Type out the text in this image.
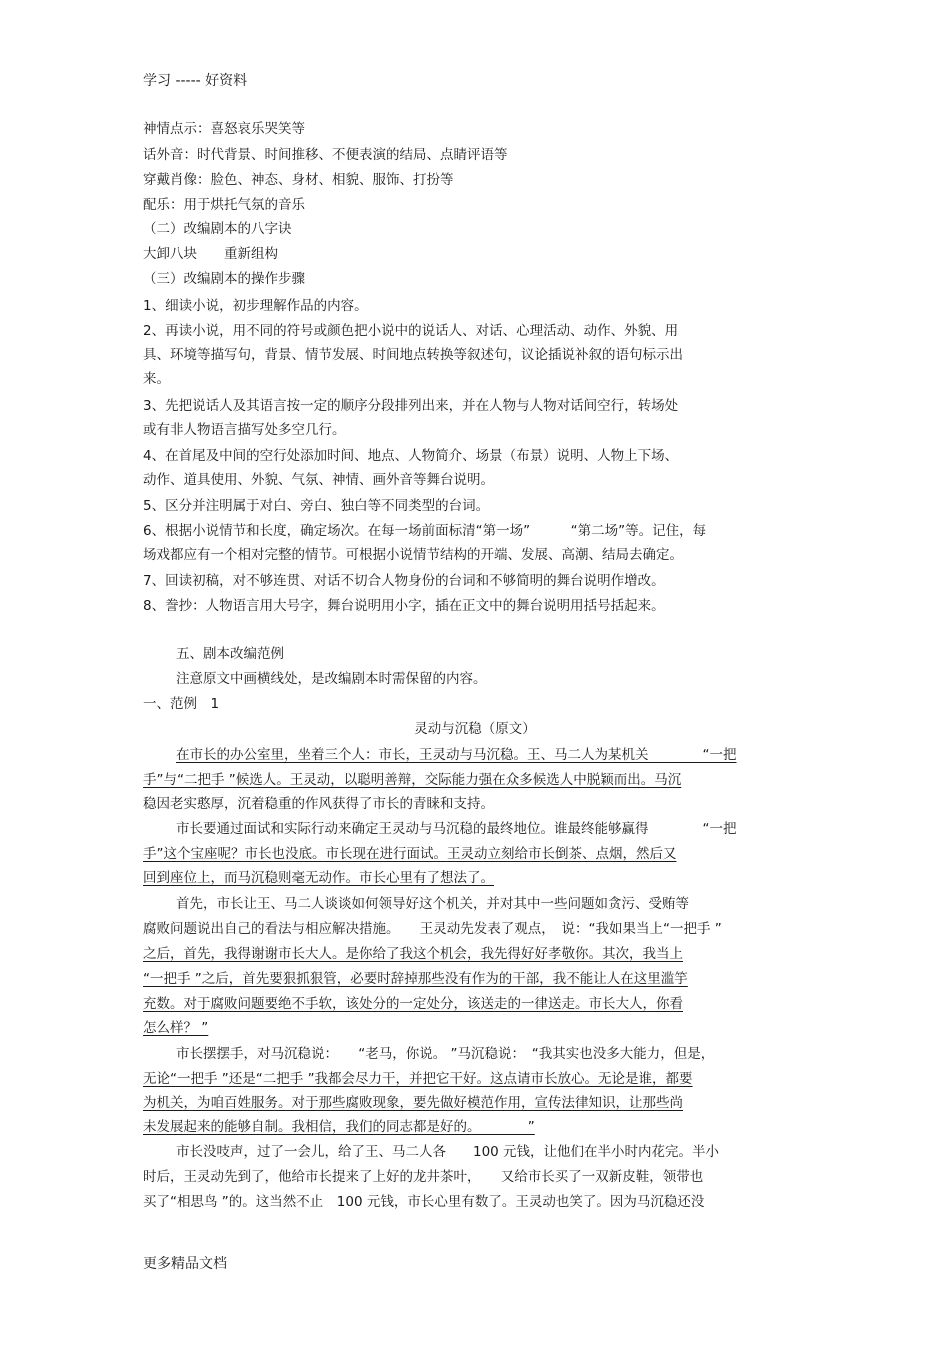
学习 ----- 好资料
神情点示：喜怒哀乐哭笑等
话外音：时代背景、时间推移、不便表演的结局、点睛评语等
穿戴肖像：脸色、神态、身材、相貌、服饰、打扮等
配乐：用于烘托气氛的音乐
（二）改编剧本的八字诀
大卸八块　　重新组构
（三）改编剧本的操作步骤
1、细读小说，初步理解作品的内容。
2、再读小说，用不同的符号或颜色把小说中的说话人、对话、心理活动、动作、外貌、用
具、环境等描写句，背景、情节发展、时间地点转换等叙述句，议论插说补叙的语句标示出
来。
3、先把说话人及其语言按一定的顺序分段排列出来，并在人物与人物对话间空行，转场处
或有非人物语言描写处多空几行。
4、在首尾及中间的空行处添加时间、地点、人物简介、场景（布景）说明、人物上下场、
动作、道具使用、外貌、气氛、神情、画外音等舞台说明。
5、区分并注明属于对白、旁白、独白等不同类型的台词。
6、根据小说情节和长度，确定场次。在每一场前面标清“第一场”　　　“第二场”等。记住，每
场戏都应有一个相对完整的情节。可根据小说情节结构的开端、发展、高潮、结局去确定。
7、回读初稿，对不够连贯、对话不切合人物身份的台词和不够简明的舞台说明作增改。
8、誊抄：人物语言用大号字，舞台说明用小字，插在正文中的舞台说明用括号括起来。
五、剧本改编范例
注意原文中画横线处，是改编剧本时需保留的内容。
一、范例　1
灵动与沉稳（原文）
在市长的办公室里，坐着三个人：市长，王灵动与马沉稳。王、马二人为某机关　　　　“一把
手”与“二把手 ”候选人。王灵动，以聪明善辩，交际能力强在众多候选人中脱颖而出。马沉
稳因老实憨厚，沉着稳重的作风获得了市长的青睐和支持。
市长要通过面试和实际行动来确定王灵动与马沉稳的最终地位。谁最终能够赢得　　　　“一把
手”这个宝座呢？市长也没底。市长现在进行面试。王灵动立刻给市长倒茶、点烟，然后又
回到座位上，而马沉稳则毫无动作。市长心里有了想法了。
首先，市长让王、马二人谈谈如何领导好这个机关，并对其中一些问题如贪污、受贿等
腐败问题说出自己的看法与相应解决措施。　　王灵动先发表了观点，　说：“我如果当上“一把手 ”
之后，首先，我得谢谢市长大人。是你给了我这个机会，我先得好好孝敬你。其次，我当上
“一把手 ”之后，首先要狠抓狠管，必要时辞掉那些没有作为的干部，我不能让人在这里滥竽
充数。对于腐败问题要绝不手软，该处分的一定处分，该送走的一律送走。市长大人，你看
怎么样？ ”
市长摆摆手，对马沉稳说：　　“老马，你说。 ”马沉稳说：　“我其实也没多大能力，但是，
无论“一把手 ”还是“二把手 ”我都会尽力干，并把它干好。这点请市长放心。无论是谁，都要
为机关，为咱百姓服务。对于那些腐败现象，要先做好模范作用，宣传法律知识，让那些尚
未发展起来的能够自制。我相信，我们的同志都是好的。　　　　”
市长没吱声，过了一会儿，给了王、马二人各　　100 元钱，让他们在半小时内花完。半小
时后，王灵动先到了，他给市长提来了上好的龙井茶叶，　　又给市长买了一双新皮鞋，领带也
买了“相思鸟 ”的。这当然不止　100 元钱，市长心里有数了。王灵动也笑了。因为马沉稳还没
更多精品文档
